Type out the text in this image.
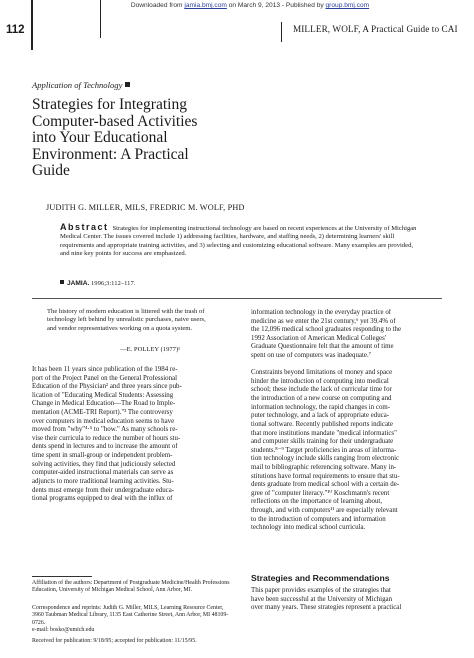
Downloaded from jamia.bmj.com on March 9, 2013 - Published by group.bmj.com
112	MILLER, WOLF, A Practical Guide to CAI
Application of Technology
Strategies for Integrating
Computer-based Activities
into Your Educational
Environment: A Practical
Guide
JUDITH G. MILLER, MILS, FREDRIC M. WOLF, PHD
Abstract Strategies for implementing instructional technology are based on recent experiences at the University of Michigan Medical Center. The issues covered include 1) addressing facilities, hardware, and staffing needs, 2) determining learners' skill requirements and appropriate training activities, and 3) selecting and customizing educational software. Many examples are provided, and nine key points for success are emphasized.
JAMIA. 1996;3:112–117.
The history of modern education is littered with the trash of technology left behind by unrealistic purchases, naive users, and vendor representatives working on a quota system.
—E. POLLEY (1977)¹
It has been 11 years since publication of the 1984 re-
port of the Project Panel on the General Professional
Education of the Physician² and three years since pub-
lication of "Educating Medical Students: Assessing
Change in Medical Education—The Road to Imple-
mentation (ACME-TRI Report)."³ The controversy
over computers in medical education seems to have
moved from "why"⁴·⁵ to "how." As many schools re-
vise their curricula to reduce the number of hours stu-
dents spend in lectures and to increase the amount of
time spent in small-group or independent problem-
solving activities, they find that judiciously selected
computer-aided instructional materials can serve as
adjuncts to more traditional learning activities. Stu-
dents must emerge from their undergraduate educa-
tional programs equipped to deal with the influx of
information technology in the everyday practice of
medicine as we enter the 21st century,⁶ yet 39.4% of
the 12,096 medical school graduates responding to the
1992 Association of American Medical Colleges'
Graduate Questionnaire felt that the amount of time
spent on use of computers was inadequate.⁷
Constraints beyond limitations of money and space
hinder the introduction of computing into medical
school; these include the lack of curricular time for
the introduction of a new course on computing and
information technology, the rapid changes in com-
puter technology, and a lack of appropriate educa-
tional software. Recently published reports indicate
that more institutions mandate "medical informatics"
and computer skills training for their undergraduate
students.⁸⁻⁹ Target proficiencies in areas of informa-
tion technology include skills ranging from electronic
mail to bibliographic referencing software. Many in-
stitutions have formal requirements to ensure that stu-
dents graduate from medical school with a certain de-
gree of "computer literacy."¹⁰ Koschmann's recent
reflections on the importance of learning about,
through, and with computers¹¹ are especially relevant
to the introduction of computers and information
technology into medical school curricula.
Affiliation of the authors: Department of Postgraduate Medicine/Health Professions Education, University of Michigan Medical School, Ann Arbor, MI.
Correspondence and reprints: Judith G. Miller, MILS, Learning Resource Center, 3960 Taubman Medical Library, 1135 East Catherine Street, Ann Arbor, MI 48109-0726.
e-mail: bosko@umich.edu
Received for publication: 9/18/95; accepted for publication: 11/15/95.
Strategies and Recommendations
This paper provides examples of the strategies that
have been successful at the University of Michigan
over many years. These strategies represent a practical
